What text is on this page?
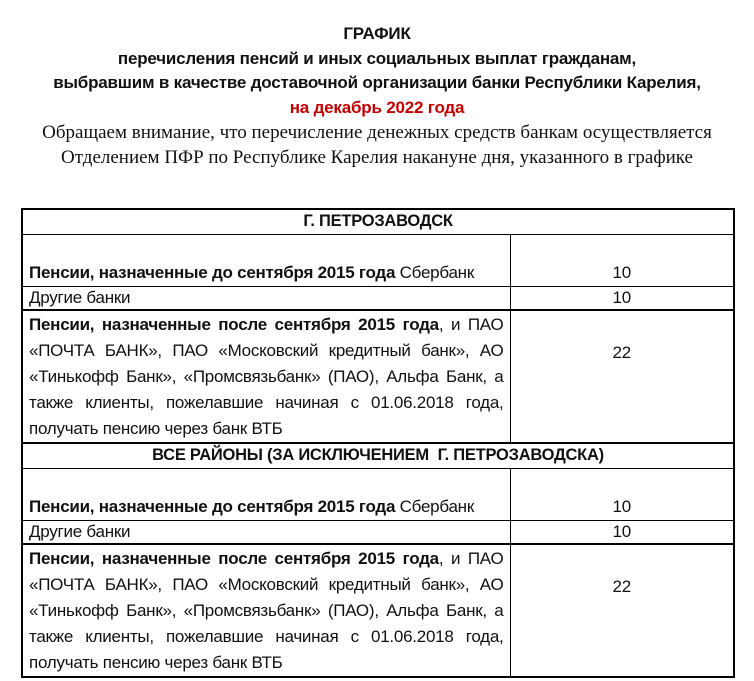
ГРАФИК
перечисления пенсий и иных социальных выплат гражданам,
выбравшим в качестве доставочной организации банки Республики Карелия,
на декабрь 2022 года
Обращаем внимание, что перечисление денежных средств банкам осуществляется
Отделением ПФР по Республике Карелия накануне дня, указанного в графике
Г. ПЕТРОЗАВОДСК	
Пенсии, назначенные до сентября 2015 года Сбербанк	10
Другие банки	10
Пенсии, назначенные после сентября 2015 года, и ПАО «ПОЧТА БАНК», ПАО «Московский кредитный банк», АО «Тинькофф Банк», «Промсвязьбанк» (ПАО), Альфа Банк, а также клиенты, пожелавшие начиная с 01.06.2018 года, получать пенсию через банк ВТБ	22
ВСЕ РАЙОНЫ (ЗА ИСКЛЮЧЕНИЕМ  Г. ПЕТРОЗАВОДСКА)	
Пенсии, назначенные до сентября 2015 года Сбербанк	10
Другие банки	10
Пенсии, назначенные после сентября 2015 года, и ПАО «ПОЧТА БАНК», ПАО «Московский кредитный банк», АО «Тинькофф Банк», «Промсвязьбанк» (ПАО), Альфа Банк, а также клиенты, пожелавшие начиная с 01.06.2018 года, получать пенсию через банк ВТБ	22
